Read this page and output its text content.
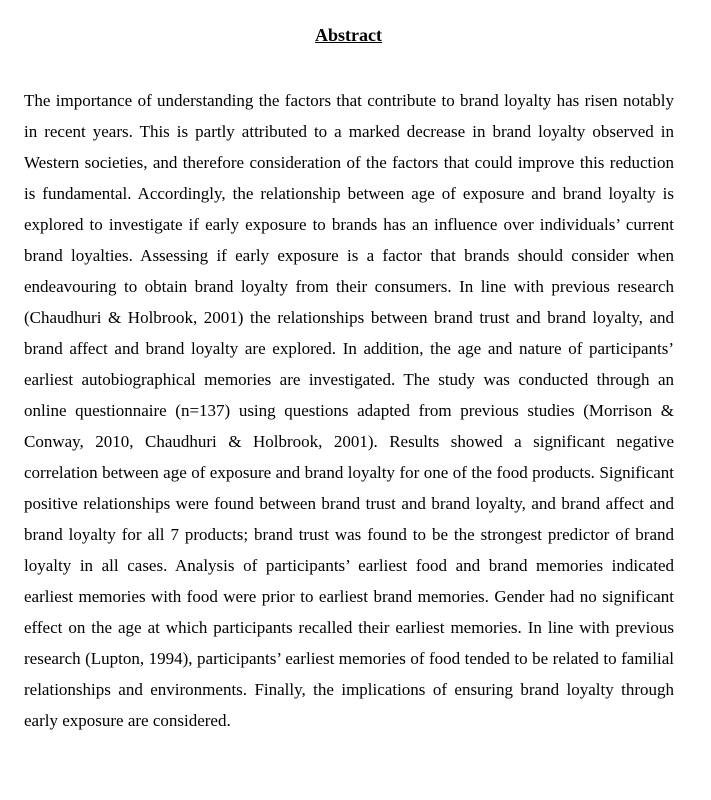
Abstract

The importance of understanding the factors that contribute to brand loyalty has risen notably in recent years. This is partly attributed to a marked decrease in brand loyalty observed in Western societies, and therefore consideration of the factors that could improve this reduction is fundamental. Accordingly, the relationship between age of exposure and brand loyalty is explored to investigate if early exposure to brands has an influence over individuals’ current brand loyalties. Assessing if early exposure is a factor that brands should consider when endeavouring to obtain brand loyalty from their consumers. In line with previous research (Chaudhuri & Holbrook, 2001) the relationships between brand trust and brand loyalty, and brand affect and brand loyalty are explored. In addition, the age and nature of participants’ earliest autobiographical memories are investigated. The study was conducted through an online questionnaire (n=137) using questions adapted from previous studies (Morrison & Conway, 2010, Chaudhuri & Holbrook, 2001). Results showed a significant negative correlation between age of exposure and brand loyalty for one of the food products. Significant positive relationships were found between brand trust and brand loyalty, and brand affect and brand loyalty for all 7 products; brand trust was found to be the strongest predictor of brand loyalty in all cases. Analysis of participants’ earliest food and brand memories indicated earliest memories with food were prior to earliest brand memories. Gender had no significant effect on the age at which participants recalled their earliest memories. In line with previous research (Lupton, 1994), participants’ earliest memories of food tended to be related to familial relationships and environments. Finally, the implications of ensuring brand loyalty through early exposure are considered.
